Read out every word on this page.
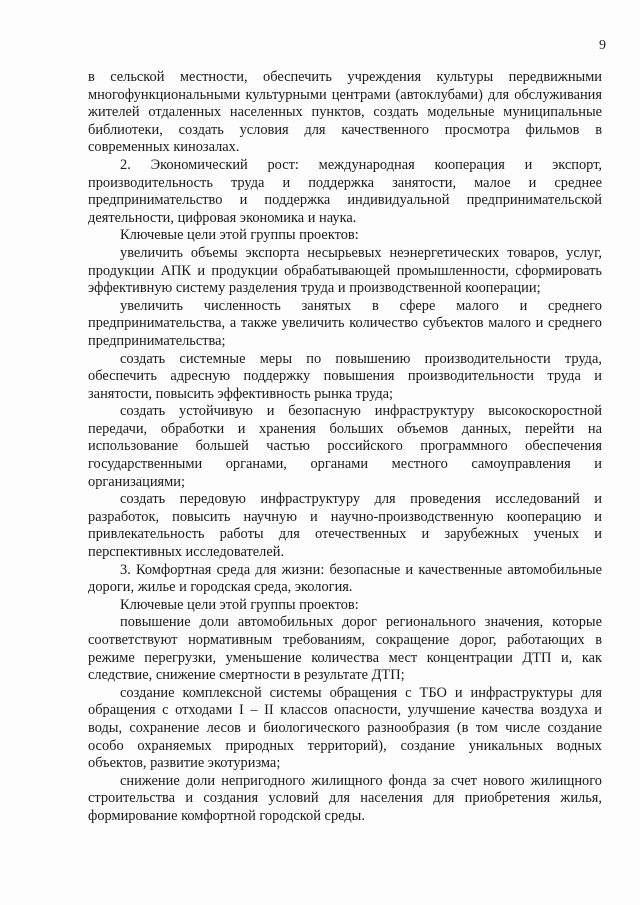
9

в сельской местности, обеспечить учреждения культуры передвижными многофункциональными культурными центрами (автоклубами) для обслуживания жителей отдаленных населенных пунктов, создать модельные муниципальные библиотеки, создать условия для качественного просмотра фильмов в современных кинозалах.

2. Экономический рост: международная кооперация и экспорт, производительность труда и поддержка занятости, малое и среднее предпринимательство и поддержка индивидуальной предпринимательской деятельности, цифровая экономика и наука.

Ключевые цели этой группы проектов:

увеличить объемы экспорта несырьевых неэнергетических товаров, услуг, продукции АПК и продукции обрабатывающей промышленности, сформировать эффективную систему разделения труда и производственной кооперации;

увеличить численность занятых в сфере малого и среднего предпринимательства, а также увеличить количество субъектов малого и среднего предпринимательства;

создать системные меры по повышению производительности труда, обеспечить адресную поддержку повышения производительности труда и занятости, повысить эффективность рынка труда;

создать устойчивую и безопасную инфраструктуру высокоскоростной передачи, обработки и хранения больших объемов данных, перейти на использование большей частью российского программного обеспечения государственными органами, органами местного самоуправления и организациями;

создать передовую инфраструктуру для проведения исследований и разработок, повысить научную и научно-производственную кооперацию и привлекательность работы для отечественных и зарубежных ученых и перспективных исследователей.

3. Комфортная среда для жизни: безопасные и качественные автомобильные дороги, жилье и городская среда, экология.

Ключевые цели этой группы проектов:

повышение доли автомобильных дорог регионального значения, которые соответствуют нормативным требованиям, сокращение дорог, работающих в режиме перегрузки, уменьшение количества мест концентрации ДТП и, как следствие, снижение смертности в результате ДТП;

создание комплексной системы обращения с ТБО и инфраструктуры для обращения с отходами I – II классов опасности, улучшение качества воздуха и воды, сохранение лесов и биологического разнообразия (в том числе создание особо охраняемых природных территорий), создание уникальных водных объектов, развитие экотуризма;

снижение доли непригодного жилищного фонда за счет нового жилищного строительства и создания условий для населения для приобретения жилья, формирование комфортной городской среды.
